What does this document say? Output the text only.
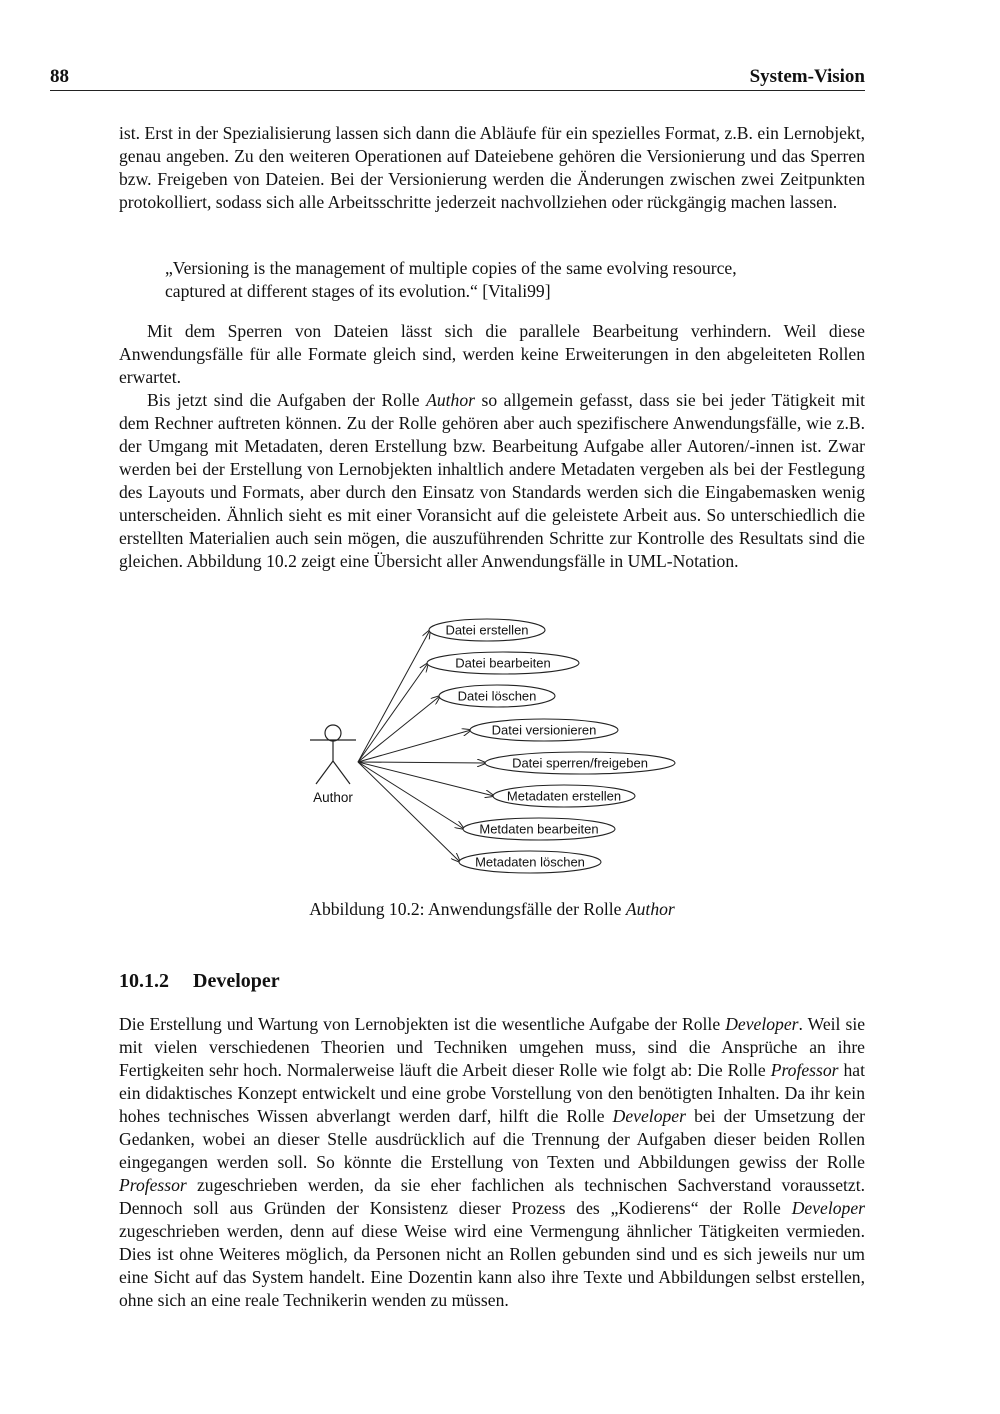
88	System-Vision

ist. Erst in der Spezialisierung lassen sich dann die Abläufe für ein spezielles Format, z.B. ein Lernobjekt, genau angeben. Zu den weiteren Operationen auf Dateiebene gehören die Versionierung und das Sperren bzw. Freigeben von Dateien. Bei der Versionierung werden die Änderungen zwischen zwei Zeitpunkten protokolliert, sodass sich alle Arbeitsschritte jederzeit nachvollziehen oder rückgängig machen lassen.

„Versioning is the management of multiple copies of the same evolving resource,
captured at different stages of its evolution.“ [Vitali99]

Mit dem Sperren von Dateien lässt sich die parallele Bearbeitung verhindern. Weil diese Anwendungsfälle für alle Formate gleich sind, werden keine Erweiterungen in den abgeleiteten Rollen erwartet.

Bis jetzt sind die Aufgaben der Rolle Author so allgemein gefasst, dass sie bei jeder Tätigkeit mit dem Rechner auftreten können. Zu der Rolle gehören aber auch spezifischere Anwendungsfälle, wie z.B. der Umgang mit Metadaten, deren Erstellung bzw. Bearbeitung Aufgabe aller Autoren/-innen ist. Zwar werden bei der Erstellung von Lernobjekten inhaltlich andere Metadaten vergeben als bei der Festlegung des Layouts und Formats, aber durch den Einsatz von Standards werden sich die Eingabemasken wenig unterscheiden. Ähnlich sieht es mit einer Voransicht auf die geleistete Arbeit aus. So unterschiedlich die erstellten Materialien auch sein mögen, die auszuführenden Schritte zur Kontrolle des Resultats sind die gleichen. Abbildung 10.2 zeigt eine Übersicht aller Anwendungsfälle in UML-Notation.

Author
Datei erstellen
Datei bearbeiten
Datei löschen
Datei versionieren
Datei sperren/freigeben
Metadaten erstellen
Metdaten bearbeiten
Metadaten löschen
Abbildung 10.2: Anwendungsfälle der Rolle Author
10.1.2 Developer

Die Erstellung und Wartung von Lernobjekten ist die wesentliche Aufgabe der Rolle Developer. Weil sie mit vielen verschiedenen Theorien und Techniken umgehen muss, sind die Ansprüche an ihre Fertigkeiten sehr hoch. Normalerweise läuft die Arbeit dieser Rolle wie folgt ab: Die Rolle Professor hat ein didaktisches Konzept entwickelt und eine grobe Vorstellung von den benötigten Inhalten. Da ihr kein hohes technisches Wissen abverlangt werden darf, hilft die Rolle Developer bei der Umsetzung der Gedanken, wobei an dieser Stelle ausdrücklich auf die Trennung der Aufgaben dieser beiden Rollen eingegangen werden soll. So könnte die Erstellung von Texten und Abbildungen gewiss der Rolle Professor zugeschrieben werden, da sie eher fachlichen als technischen Sachverstand voraussetzt. Dennoch soll aus Gründen der Konsistenz dieser Prozess des „Kodierens“ der Rolle Developer zugeschrieben werden, denn auf diese Weise wird eine Vermengung ähnlicher Tätigkeiten vermieden. Dies ist ohne Weiteres möglich, da Personen nicht an Rollen gebunden sind und es sich jeweils nur um eine Sicht auf das System handelt. Eine Dozentin kann also ihre Texte und Abbildungen selbst erstellen, ohne sich an eine reale Technikerin wenden zu müssen.
